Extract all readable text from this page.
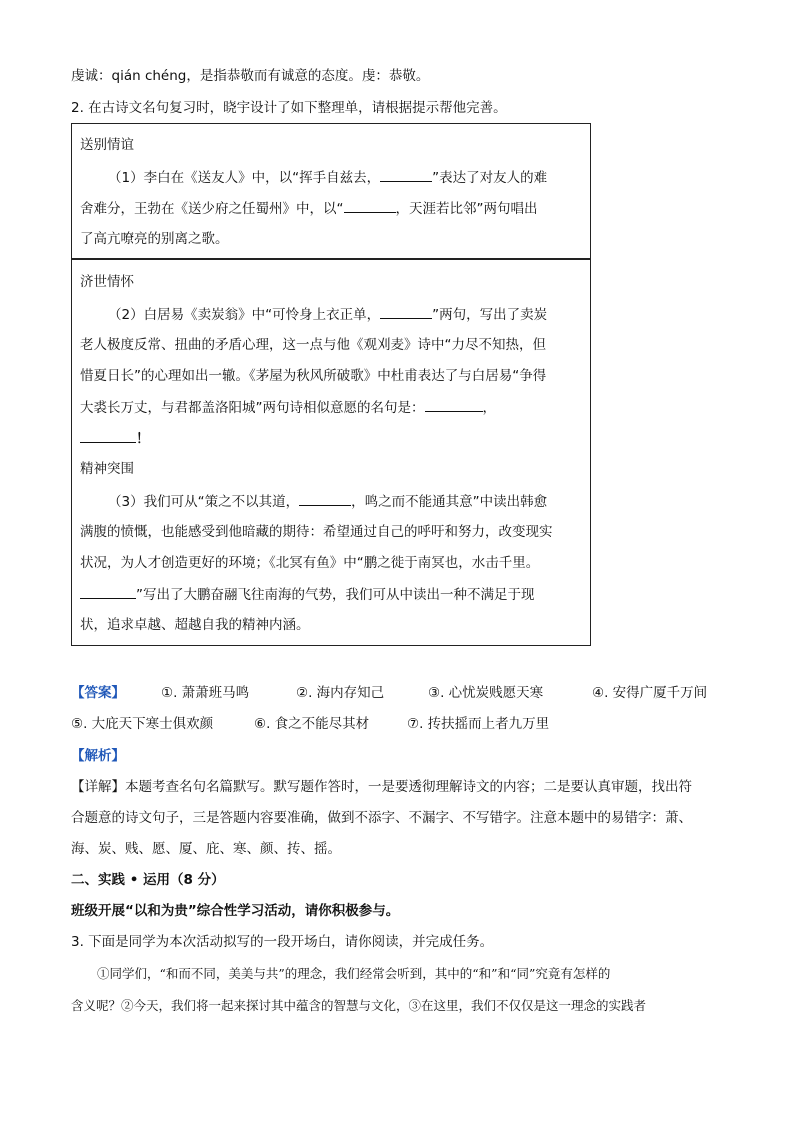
虔诚：qián chéng，是指恭敬而有诚意的态度。虔：恭敬。
2. 在古诗文名句复习时，晓宇设计了如下整理单，请根据提示帮他完善。
送别情谊
（1）李白在《送友人》中，以“挥手自兹去，	”表达了对友人的难
舍难分，王勃在《送少府之任蜀州》中，以“	，天涯若比邻”两句唱出
了高亢嘹亮的别离之歌。
济世情怀
（2）白居易《卖炭翁》中“可怜身上衣正单，	”两句，写出了卖炭
老人极度反常、扭曲的矛盾心理，这一点与他《观刈麦》诗中“力尽不知热，但
惜夏日长”的心理如出一辙。《茅屋为秋风所破歌》中杜甫表达了与白居易“争得
大裘长万丈，与君都盖洛阳城”两句诗相似意愿的名句是：	，
！
精神突围
（3）我们可从“策之不以其道，	，鸣之而不能通其意”中读出韩愈
满腹的愤慨，也能感受到他暗藏的期待：希望通过自己的呼吁和努力，改变现实
状况，为人才创造更好的环境；《北冥有鱼》中“鹏之徙于南冥也，水击千里。
”写出了大鹏奋翮飞往南海的气势，我们可从中读出一种不满足于现
状，追求卓越、超越自我的精神内涵。
【答案】	①. 萧萧班马鸣	②. 海内存知己	③. 心忧炭贱愿天寒	④. 安得广厦千万间
⑤. 大庇天下寒士俱欢颜	⑥. 食之不能尽其材	⑦. 抟扶摇而上者九万里
【解析】
【详解】本题考查名句名篇默写。默写题作答时，一是要透彻理解诗文的内容；二是要认真审题，找出符
合题意的诗文句子，三是答题内容要准确，做到不添字、不漏字、不写错字。注意本题中的易错字：萧、
海、炭、贱、愿、厦、庇、寒、颜、抟、摇。
二、实践 • 运用（8 分）
班级开展“以和为贵”综合性学习活动，请你积极参与。
3. 下面是同学为本次活动拟写的一段开场白，请你阅读，并完成任务。
①同学们，“和而不同，美美与共”的理念，我们经常会听到，其中的“和”和“同”究竟有怎样的
含义呢？②今天，我们将一起来探讨其中蕴含的智慧与文化，③在这里，我们不仅仅是这一理念的实践者
